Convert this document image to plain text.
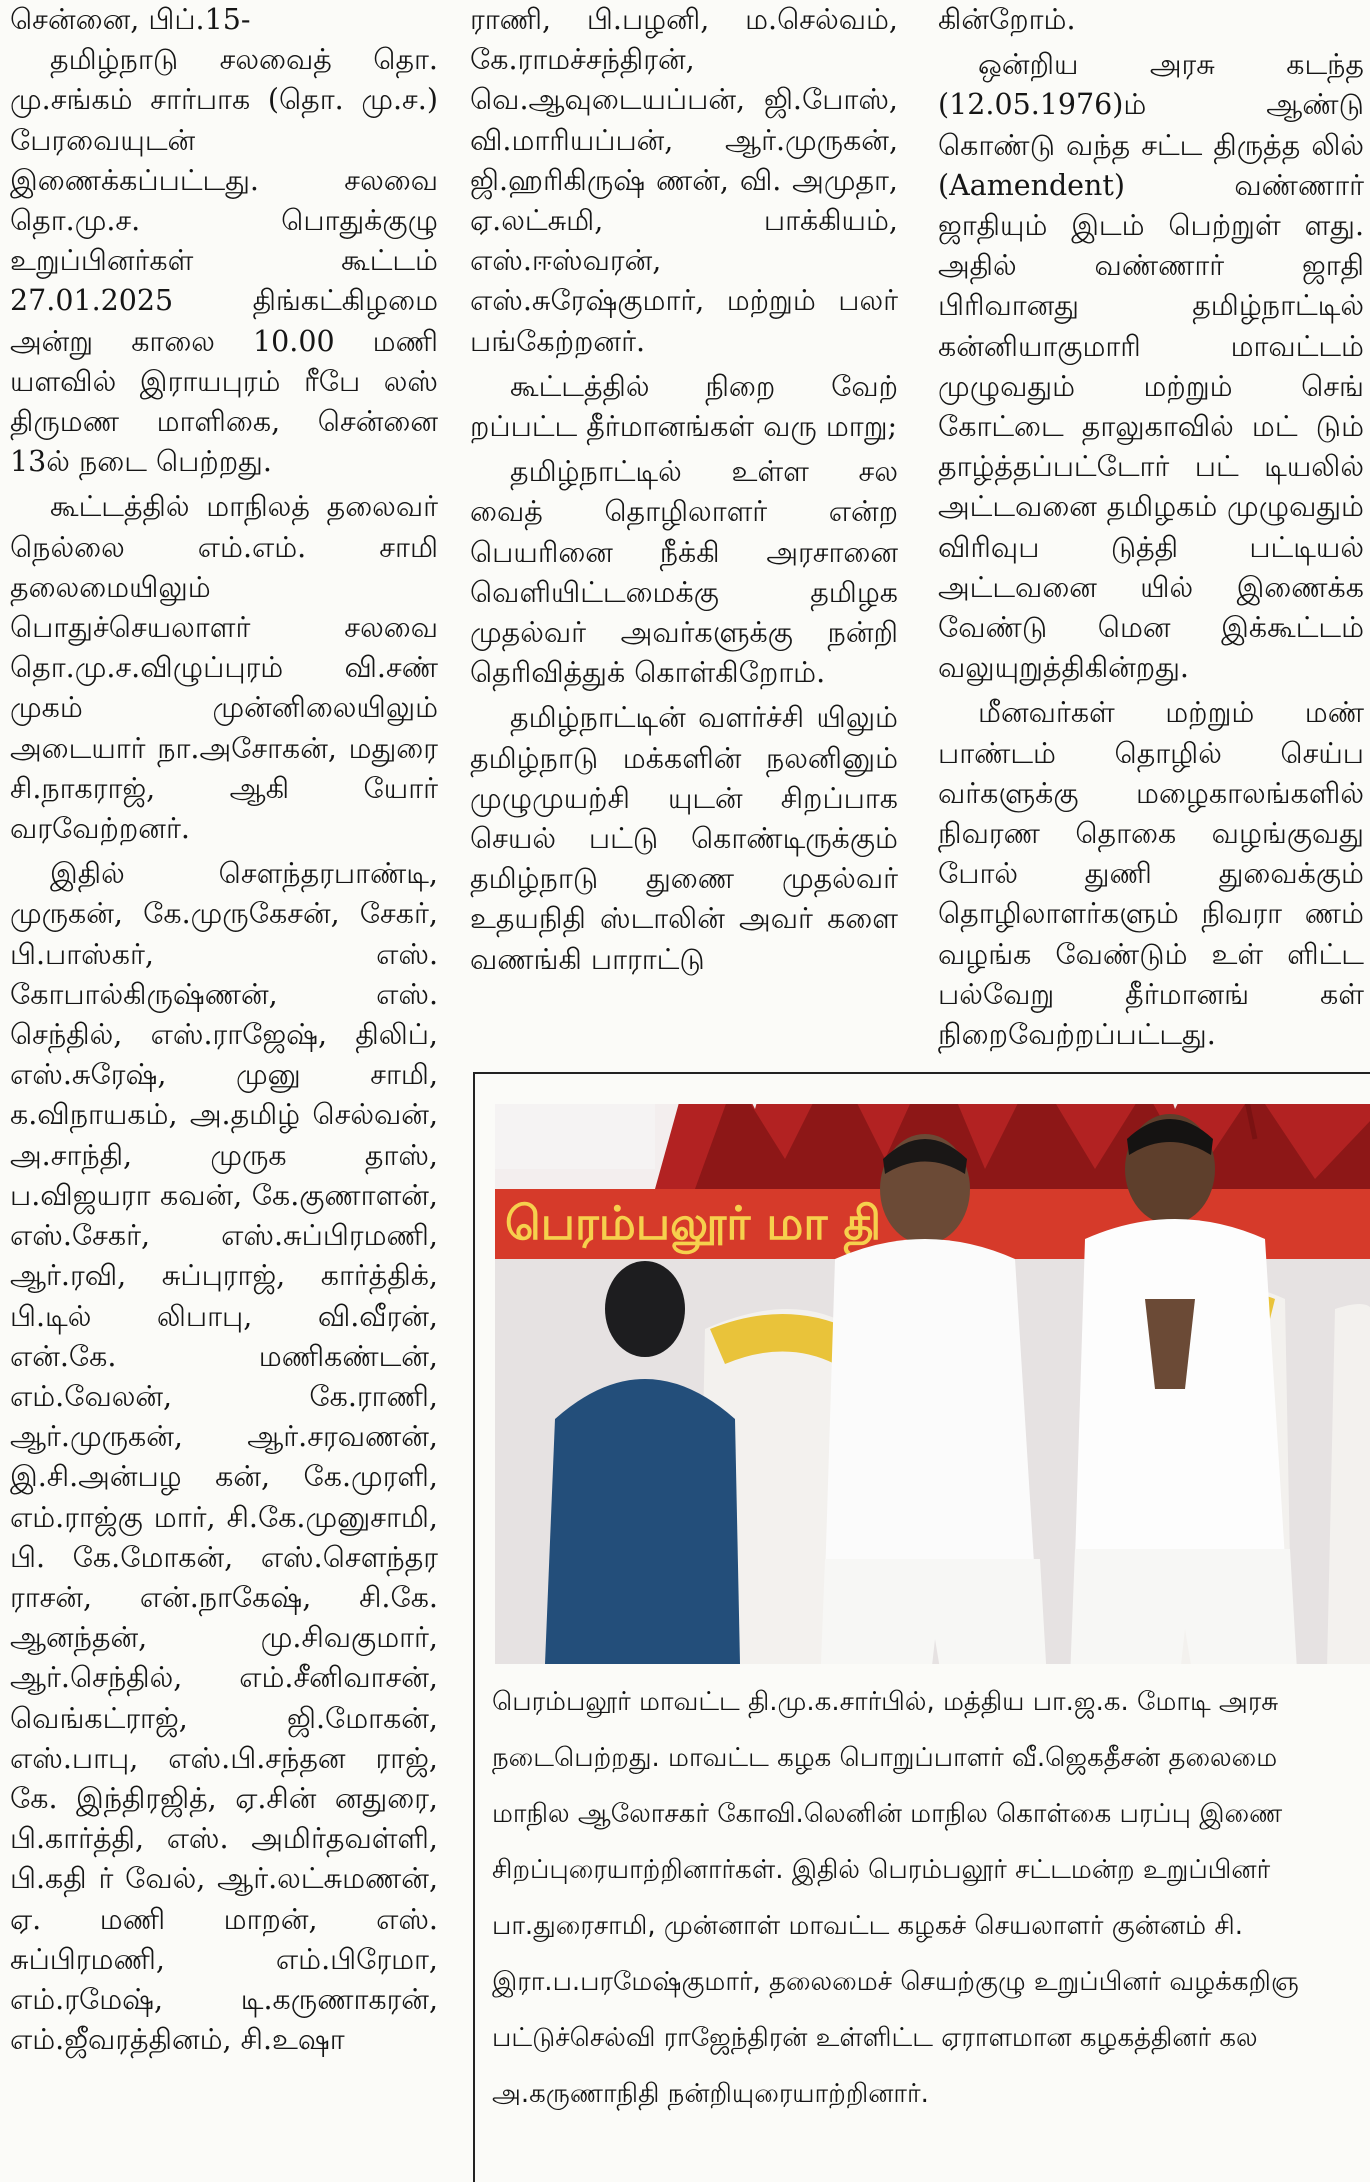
சென்னை, பிப்.15-

தமிழ்நாடு சலவைத் தொ. மு.சங்கம் சார்பாக (தொ. மு.ச.) பேரவையுடன் இணைக்கப்பட்டது. சலவை தொ.மு.ச. பொதுக்குழு உறுப்பினர்கள் கூட்டம் 27.01.2025 திங்கட்கிழமை அன்று காலை 10.00 மணி யளவில் இராயபுரம் ரீபே லஸ் திருமண மாளிகை, சென்னை 13ல் நடை பெற்றது.

கூட்டத்தில் மாநிலத் தலைவர் நெல்லை எம்.எம். சாமி தலைமையிலும் பொதுச்செயலாளர் சலவை தொ.மு.ச.விழுப்புரம் வி.சண் முகம் முன்னிலையிலும் அடையார் நா.அசோகன், மதுரை சி.நாகராஜ், ஆகி யோர் வரவேற்றனர்.

இதில் சௌந்தரபாண்டி, முருகன், கே.முருகேசன், சேகர், பி.பாஸ்கர், எஸ். கோபால்கிருஷ்ணன், எஸ். செந்தில், எஸ்.ராஜேஷ், திலிப், எஸ்.சுரேஷ், முனு சாமி, க.விநாயகம், அ.தமிழ் செல்வன், அ.சாந்தி, முருக தாஸ், ப.விஜயரா கவன், கே.குணாளன், எஸ்.சேகர், எஸ்.சுப்பிரமணி, ஆர்.ரவி, சுப்புராஜ், கார்த்திக், பி.டில் லிபாபு, வி.வீரன், என்.கே. மணிகண்டன், எம்.வேலன், கே.ராணி, ஆர்.முருகன், ஆர்.சரவணன், இ.சி.அன்பழ கன், கே.முரளி, எம்.ராஜ்கு மார், சி.கே.முனுசாமி, பி. கே.மோகன், எஸ்.சௌந்தர ராசன், என்.நாகேஷ், சி.கே. ஆனந்தன், மு.சிவகுமார், ஆர்.செந்தில், எம்.சீனிவாசன், வெங்கட்ராஜ், ஜி.மோகன், எஸ்.பாபு, எஸ்.பி.சந்தன ராஜ், கே. இந்திரஜித், ஏ.சின் னதுரை, பி.கார்த்தி, எஸ். அமிர்தவள்ளி, பி.கதி ர் வேல், ஆர்.லட்சுமணன், ஏ. மணி மாறன், எஸ். சுப்பிரமணி, எம்.பிரேமா, எம்.ரமேஷ், டி.கருணாகரன், எம்.ஜீவரத்தினம், சி.உஷா

ராணி, பி.பழனி, ம.செல்வம், கே.ராமச்சந்திரன், வெ.ஆவுடையப்பன், ஜி.போஸ், வி.மாரியப்பன், ஆர்.முருகன், ஜி.ஹரிகிருஷ் ணன், வி. அமுதா, ஏ.லட்சுமி, பாக்கியம், எஸ்.ஈஸ்வரன், எஸ்.சுரேஷ்குமார், மற்றும் பலர் பங்கேற்றனர்.

கூட்டத்தில் நிறை வேற் றப்பட்ட தீர்மானங்கள் வரு மாறு;

தமிழ்நாட்டில் உள்ள சல வைத் தொழிலாளர் என்ற பெயரினை நீக்கி அரசானை வெளியிட்டமைக்கு தமிழக முதல்வர் அவர்களுக்கு நன்றி தெரிவித்துக் கொள்கிறோம்.

தமிழ்நாட்டின் வளர்ச்சி யிலும் தமிழ்நாடு மக்களின் நலனினும் முழுமுயற்சி யுடன் சிறப்பாக செயல் பட்டு கொண்டிருக்கும் தமிழ்நாடு துணை முதல்வர் உதயநிதி ஸ்டாலின் அவர் களை வணங்கி பாராட்டு

கின்றோம்.

ஒன்றிய அரசு கடந்த (12.05.1976)ம் ஆண்டு கொண்டு வந்த சட்ட திருத்த லில் (Aamendent) வண்ணார் ஜாதியும் இடம் பெற்றுள் ளது. அதில் வண்ணார் ஜாதி பிரிவானது தமிழ்நாட்டில் கன்னியாகுமாரி மாவட்டம் முழுவதும் மற்றும் செங் கோட்டை தாலுகாவில் மட் டும் தாழ்த்தப்பட்டோர் பட் டியலில் அட்டவனை தமிழகம் முழுவதும் விரிவுப டுத்தி பட்டியல் அட்டவனை யில் இணைக்க வேண்டு மென இக்கூட்டம் வலுயுறுத்திகின்றது.

மீனவர்கள் மற்றும் மண் பாண்டம் தொழில் செய்ப வர்களுக்கு மழைகாலங்களில் நிவரண தொகை வழங்குவது போல் துணி துவைக்கும் தொழிலாளர்களும் நிவரா ணம் வழங்க வேண்டும் உள் ளிட்ட பல்வேறு தீர்மானங் கள் நிறைவேற்றப்பட்டது.

பெரம்பலூர் மா தி
பெரம்பலூர் மாவட்ட தி.மு.க.சார்பில், மத்திய பா.ஜ.க. மோடி அரசு
நடைபெற்றது. மாவட்ட கழக பொறுப்பாளர் வீ.ஜெகதீசன் தலைமை
மாநில ஆலோசகர் கோவி.லெனின் மாநில கொள்கை பரப்பு இணை
சிறப்புரையாற்றினார்கள். இதில் பெரம்பலூர் சட்டமன்ற உறுப்பினர்
பா.துரைசாமி, முன்னாள் மாவட்ட கழகச் செயலாளர் குன்னம் சி.
இரா.ப.பரமேஷ்குமார், தலைமைச் செயற்குழு உறுப்பினர் வழக்கறிஞ
பட்டுச்செல்வி ராஜேந்திரன் உள்ளிட்ட ஏராளமான கழகத்தினர் கல
அ.கருணாநிதி நன்றியுரையாற்றினார்.
